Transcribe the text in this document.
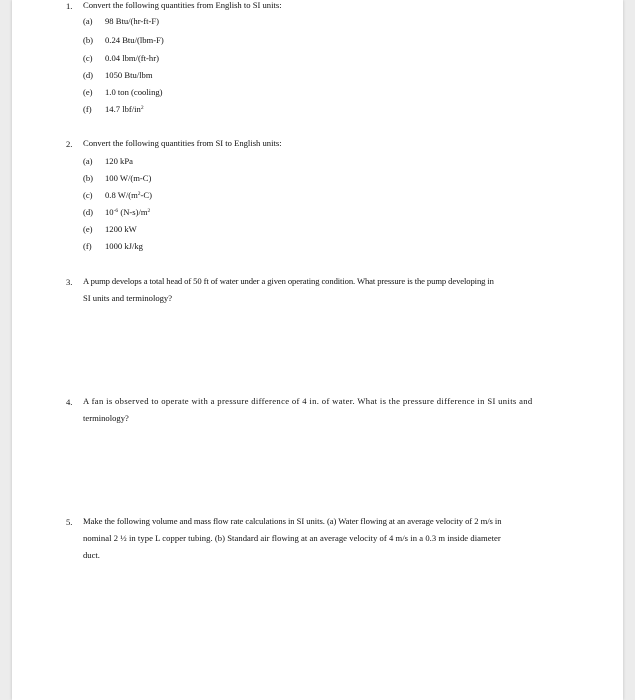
1. Convert the following quantities from English to SI units:
(a) 98 Btu/(hr-ft-F)
(b) 0.24 Btu/(lbm-F)
(c) 0.04 lbm/(ft-hr)
(d) 1050 Btu/lbm
(e) 1.0 ton (cooling)
(f) 14.7 lbf/$in^2$
2. Convert the following quantities from SI to English units:
(a) 120 kPa
(b) 100 W/(m-C)
(c) 0.8 $W/(m^2-C)$
(d) $10^{-6}$ $(N-s)/m^2$
(e) 1200 kW
(f) 1000 kJ/kg
3. A pump develops a total head of 50 ft of water under a given operating condition. What pressure is the pump developing in
SI units and terminology?
4. A fan is observed to operate with a pressure difference of 4 in. of water. What is the pressure difference in SI units and
terminology?
5. Make the following volume and mass flow rate calculations in SI units. (a) Water flowing at an average velocity of 2 m/s in
nominal 2 ½ in type L copper tubing. (b) Standard air flowing at an average velocity of 4 m/s in a 0.3 m inside diameter
duct.
